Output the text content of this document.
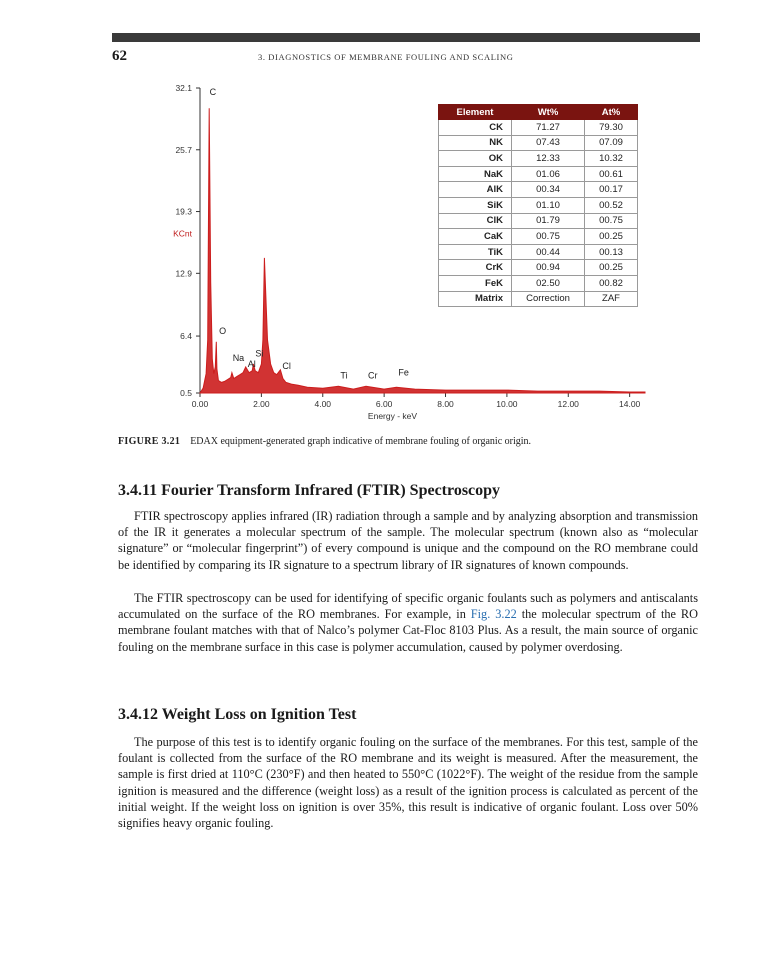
62	3. DIAGNOSTICS OF MEMBRANE FOULING AND SCALING
32.1
25.7
19.3
12.9
6.4
0.5
KCnt
0.00	2.00	4.00	6.00	8.00	10.00	12.00	14.00
Energy - keV
C
O
Na
Al
Si
Cl
Ti Cr Fe
Element	Wt%	At%
CK	71.27	79.30
NK	07.43	07.09
OK	12.33	10.32
NaK	01.06	00.61
AlK	00.34	00.17
SiK	01.10	00.52
ClK	01.79	00.75
CaK	00.75	00.25
TiK	00.44	00.13
CrK	00.94	00.25
FeK	02.50	00.82
Matrix	Correction	ZAF
FIGURE 3.21 EDAX equipment-generated graph indicative of membrane fouling of organic origin.
3.4.11 Fourier Transform Infrared (FTIR) Spectroscopy

FTIR spectroscopy applies infrared (IR) radiation through a sample and by analyzing absorption and transmission of the IR it generates a molecular spectrum of the sample. The molecular spectrum (known also as “molecular signature” or “molecular fingerprint”) of every compound is unique and the compound on the RO membrane could be identified by comparing its IR signature to a spectrum library of IR signatures of known compounds.

The FTIR spectroscopy can be used for identifying of specific organic foulants such as polymers and antiscalants accumulated on the surface of the RO membranes. For example, in Fig. 3.22 the molecular spectrum of the RO membrane foulant matches with that of Nalco’s polymer Cat-Floc 8103 Plus. As a result, the main source of organic fouling on the membrane surface in this case is polymer accumulation, caused by polymer overdosing.

3.4.12 Weight Loss on Ignition Test

The purpose of this test is to identify organic fouling on the surface of the membranes. For this test, sample of the foulant is collected from the surface of the RO membrane and its weight is measured. After the measurement, the sample is first dried at 110°C (230°F) and then heated to 550°C (1022°F). The weight of the residue from the sample ignition is measured and the difference (weight loss) as a result of the ignition process is calculated as percent of the initial weight. If the weight loss on ignition is over 35%, this result is indicative of organic foulant. Loss over 50% signifies heavy organic fouling.
